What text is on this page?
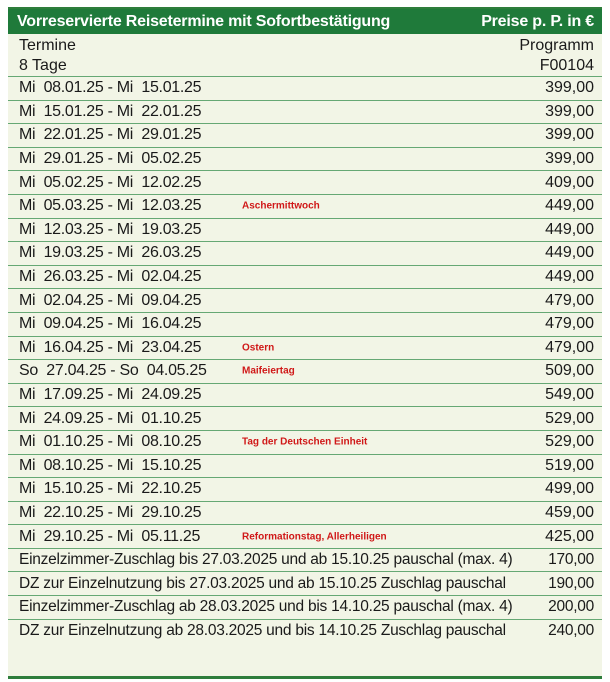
Vorreservierte Reisetermine mit Sofortbestätigung	Preise p. P. in €
Termine	Programm
8 Tage	F00104
Mi  08.01.25 - Mi  15.01.25	399,00
Mi  15.01.25 - Mi  22.01.25	399,00
Mi  22.01.25 - Mi  29.01.25	399,00
Mi  29.01.25 - Mi  05.02.25	399,00
Mi  05.02.25 - Mi  12.02.25	409,00
Mi  05.03.25 - Mi  12.03.25	Aschermittwoch	449,00
Mi  12.03.25 - Mi  19.03.25	449,00
Mi  19.03.25 - Mi  26.03.25	449,00
Mi  26.03.25 - Mi  02.04.25	449,00
Mi  02.04.25 - Mi  09.04.25	479,00
Mi  09.04.25 - Mi  16.04.25	479,00
Mi  16.04.25 - Mi  23.04.25	Ostern	479,00
So  27.04.25 - So  04.05.25	Maifeiertag	509,00
Mi  17.09.25 - Mi  24.09.25	549,00
Mi  24.09.25 - Mi  01.10.25	529,00
Mi  01.10.25 - Mi  08.10.25	Tag der Deutschen Einheit	529,00
Mi  08.10.25 - Mi  15.10.25	519,00
Mi  15.10.25 - Mi  22.10.25	499,00
Mi  22.10.25 - Mi  29.10.25	459,00
Mi  29.10.25 - Mi  05.11.25	Reformationstag, Allerheiligen	425,00
Einzelzimmer-Zuschlag bis 27.03.2025 und ab 15.10.25 pauschal (max. 4)	170,00
DZ zur Einzelnutzung bis 27.03.2025 und ab 15.10.25 Zuschlag pauschal	190,00
Einzelzimmer-Zuschlag ab 28.03.2025 und bis 14.10.25 pauschal (max. 4)	200,00
DZ zur Einzelnutzung ab 28.03.2025 und bis 14.10.25 Zuschlag pauschal	240,00
